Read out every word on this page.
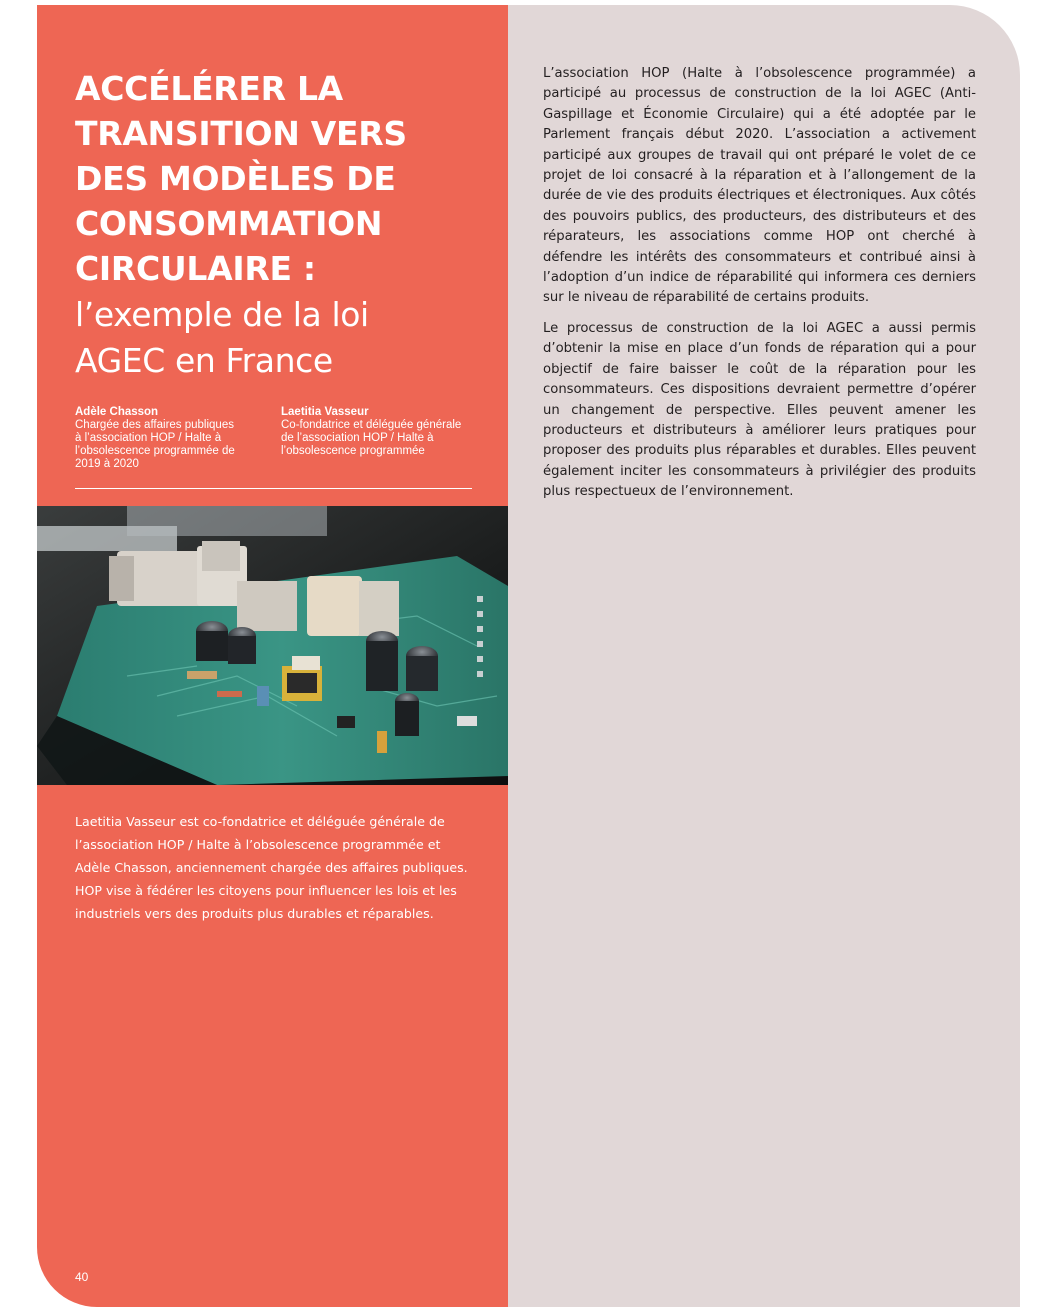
ACCÉLÉRER LA
TRANSITION VERS
DES MODÈLES DE
CONSOMMATION
CIRCULAIRE :
l’exemple de la loi
AGEC en France
Adèle Chasson
Chargée des affaires publiques
à l’association HOP / Halte à
l’obsolescence programmée de
2019 à 2020
Laetitia Vasseur
Co-fondatrice et déléguée générale
de l’association HOP / Halte à
l’obsolescence programmée

Laetitia Vasseur est co-fondatrice et déléguée générale de l’association HOP / Halte à l’obsolescence programmée et Adèle Chasson, anciennement chargée des affaires publiques. HOP vise à fédérer les citoyens pour influencer les lois et les industriels vers des produits plus durables et réparables.

40

L’association HOP (Halte à l’obsolescence programmée) a participé au processus de construction de la loi AGEC (Anti-Gaspillage et Économie Circulaire) qui a été adoptée par le Parlement français début 2020. L’association a activement participé aux groupes de travail qui ont préparé le volet de ce projet de loi consacré à la réparation et à l’allongement de la durée de vie des produits électriques et électroniques. Aux côtés des pouvoirs publics, des producteurs, des distributeurs et des réparateurs, les associations comme HOP ont cherché à défendre les intérêts des consommateurs et contribué ainsi à l’adoption d’un indice de réparabilité qui informera ces derniers sur le niveau de réparabilité de certains produits.

Le processus de construction de la loi AGEC a aussi permis d’obtenir la mise en place d’un fonds de réparation qui a pour objectif de faire baisser le coût de la réparation pour les consommateurs. Ces dispositions devraient permettre d’opérer un changement de perspective. Elles peuvent amener les producteurs et distributeurs à améliorer leurs pratiques pour proposer des produits plus réparables et durables. Elles peuvent également inciter les consommateurs à privilégier des produits plus respectueux de l’environnement.
